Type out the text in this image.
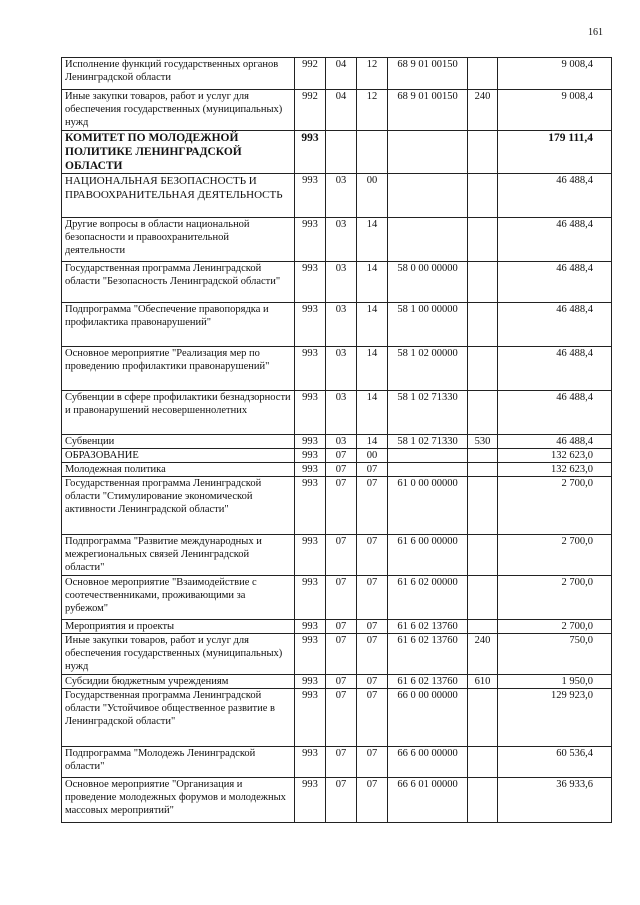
161
Исполнение функций государственных органов Ленинградской области	992	04	12	68 9 01 00150		9 008,4
Иные закупки товаров, работ и услуг для обеспечения государственных (муниципальных) нужд	992	04	12	68 9 01 00150	240	9 008,4
КОМИТЕТ ПО МОЛОДЕЖНОЙ ПОЛИТИКЕ ЛЕНИНГРАДСКОЙ ОБЛАСТИ	993					179 111,4
НАЦИОНАЛЬНАЯ БЕЗОПАСНОСТЬ И ПРАВООХРАНИТЕЛЬНАЯ ДЕЯТЕЛЬНОСТЬ	993	03	00			46 488,4
Другие вопросы в области национальной безопасности и правоохранительной деятельности	993	03	14			46 488,4
Государственная программа Ленинградской области "Безопасность Ленинградской области"	993	03	14	58 0 00 00000		46 488,4
Подпрограмма "Обеспечение правопорядка и профилактика правонарушений"	993	03	14	58 1 00 00000		46 488,4
Основное мероприятие "Реализация мер по проведению профилактики правонарушений"	993	03	14	58 1 02 00000		46 488,4
Субвенции в сфере профилактики безнадзорности и правонарушений несовершеннолетних	993	03	14	58 1 02 71330		46 488,4
Субвенции	993	03	14	58 1 02 71330	530	46 488,4
ОБРАЗОВАНИЕ	993	07	00			132 623,0
Молодежная политика	993	07	07			132 623,0
Государственная программа Ленинградской области "Стимулирование экономической активности Ленинградской области"	993	07	07	61 0 00 00000		2 700,0
Подпрограмма "Развитие международных и межрегиональных связей Ленинградской области"	993	07	07	61 6 00 00000		2 700,0
Основное мероприятие "Взаимодействие с соотечественниками, проживающими за рубежом"	993	07	07	61 6 02 00000		2 700,0
Мероприятия и проекты	993	07	07	61 6 02 13760		2 700,0
Иные закупки товаров, работ и услуг для обеспечения государственных (муниципальных) нужд	993	07	07	61 6 02 13760	240	750,0
Субсидии бюджетным учреждениям	993	07	07	61 6 02 13760	610	1 950,0
Государственная программа Ленинградской области "Устойчивое общественное развитие в Ленинградской области"	993	07	07	66 0 00 00000		129 923,0
Подпрограмма "Молодежь Ленинградской области"	993	07	07	66 6 00 00000		60 536,4
Основное мероприятие "Организация и проведение молодежных форумов и молодежных массовых мероприятий"	993	07	07	66 6 01 00000		36 933,6
